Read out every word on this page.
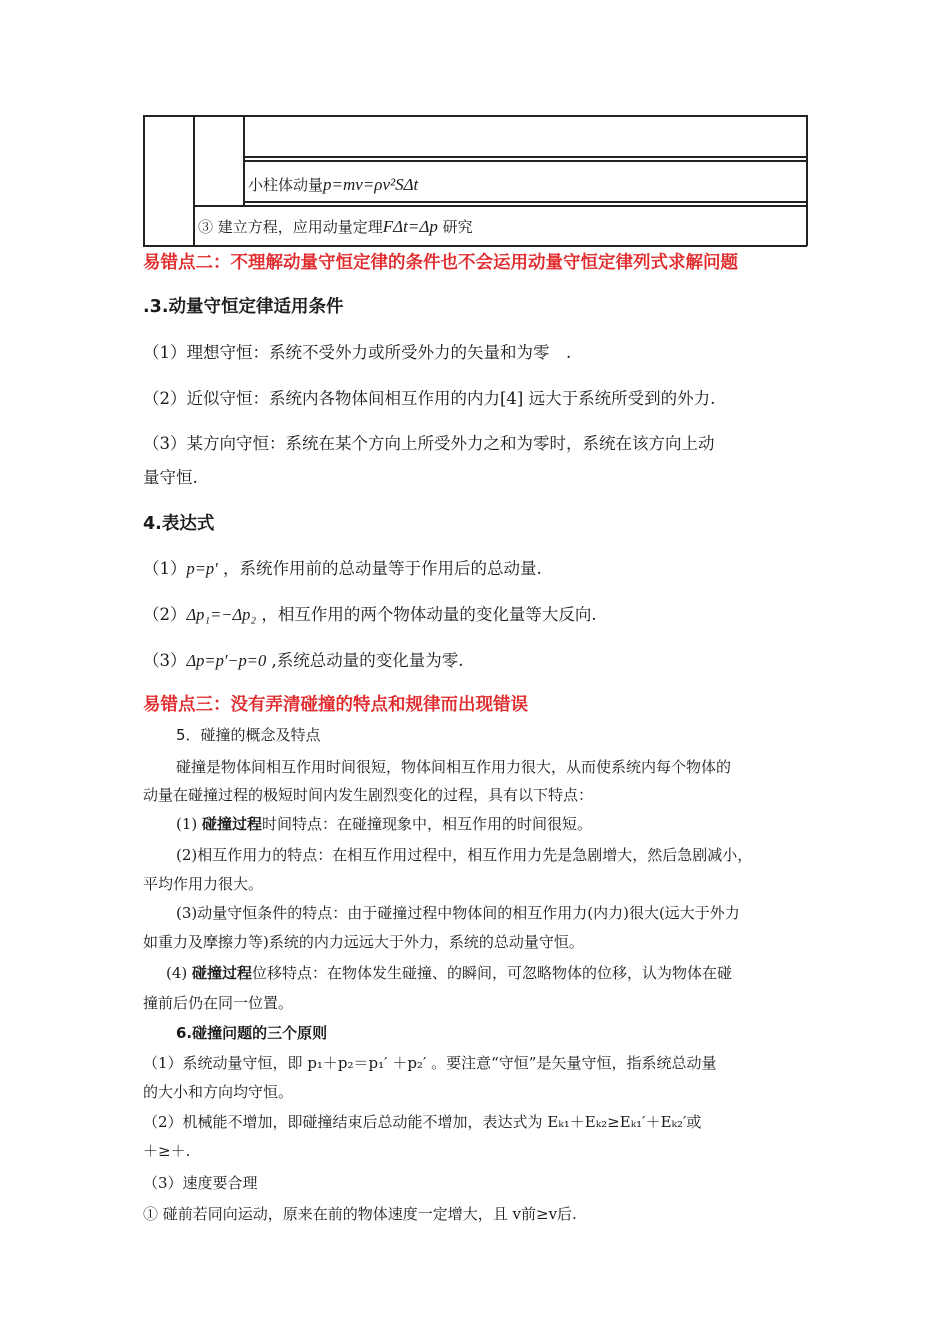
小柱体动量p=mv=ρv²SΔt
③ 建立方程，应用动量定理FΔt=Δp 研究
易错点二：不理解动量守恒定律的条件也不会运用动量守恒定律列式求解问题
.3.动量守恒定律适用条件
（1）理想守恒：系统不受外力或所受外力的矢量和为零　.
（2）近似守恒：系统内各物体间相互作用的内力[4] 远大于系统所受到的外力.
（3）某方向守恒：系统在某个方向上所受外力之和为零时，系统在该方向上动
量守恒.
4.表达式
（1）p=p′ ，系统作用前的总动量等于作用后的总动量.
（2）Δp₁=−Δp₂ ，相互作用的两个物体动量的变化量等大反向.
（3）Δp=p′−p=0 ,系统总动量的变化量为零.
易错点三：没有弄清碰撞的特点和规律而出现错误
5．碰撞的概念及特点
碰撞是物体间相互作用时间很短，物体间相互作用力很大，从而使系统内每个物体的
动量在碰撞过程的极短时间内发生剧烈变化的过程，具有以下特点：
(1) 碰撞过程时间特点：在碰撞现象中，相互作用的时间很短。
(2)相互作用力的特点：在相互作用过程中，相互作用力先是急剧增大，然后急剧减小，
平均作用力很大。
(3)动量守恒条件的特点：由于碰撞过程中物体间的相互作用力(内力)很大(远大于外力
如重力及摩擦力等)系统的内力远远大于外力，系统的总动量守恒。
(4) 碰撞过程位移特点：在物体发生碰撞、的瞬间，可忽略物体的位移，认为物体在碰
撞前后仍在同一位置。
6.碰撞问题的三个原则
（1）系统动量守恒，即 p₁＋p₂＝p₁′ ＋p₂′ 。要注意“守恒”是矢量守恒，指系统总动量
的大小和方向均守恒。
（2）机械能不增加，即碰撞结束后总动能不增加，表达式为 Eₖ₁＋Eₖ₂≥Eₖ₁′＋Eₖ₂′或
＋≥＋.
（3）速度要合理
① 碰前若同向运动，原来在前的物体速度一定增大，且 v前≥v后.
